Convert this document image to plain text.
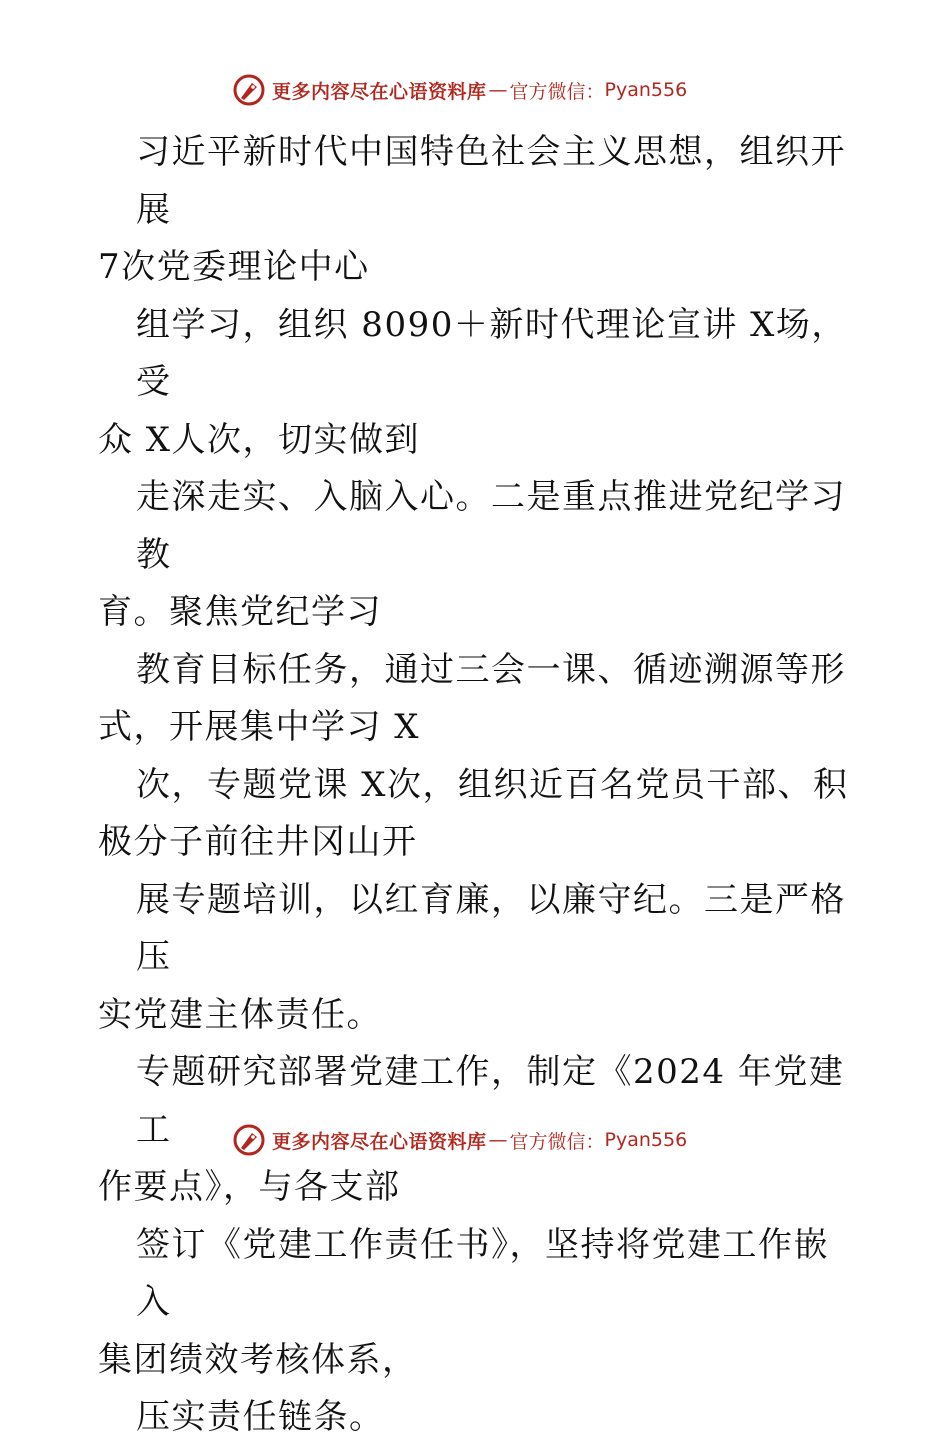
更多内容尽在心语资料库 — 官方微信： Pyan556

习近平新时代中国特色社会主义思想，组织开展
7次党委理论中心

组学习，组织 8090＋新时代理论宣讲 X场，受
众 X人次，切实做到

走深走实、入脑入心。二是重点推进党纪学习教
育。聚焦党纪学习

教育目标任务，通过三会一课、循迹溯源等形
式，开展集中学习 X

次，专题党课 X次，组织近百名党员干部、积
极分子前往井冈山开

展专题培训，以红育廉，以廉守纪。三是严格压
实党建主体责任。

专题研究部署党建工作，制定《2024 年党建工
作要点》，与各支部

签订《党建工作责任书》，坚持将党建工作嵌入
集团绩效考核体系，

压实责任链条。

更多内容尽在心语资料库 — 官方微信： Pyan556
